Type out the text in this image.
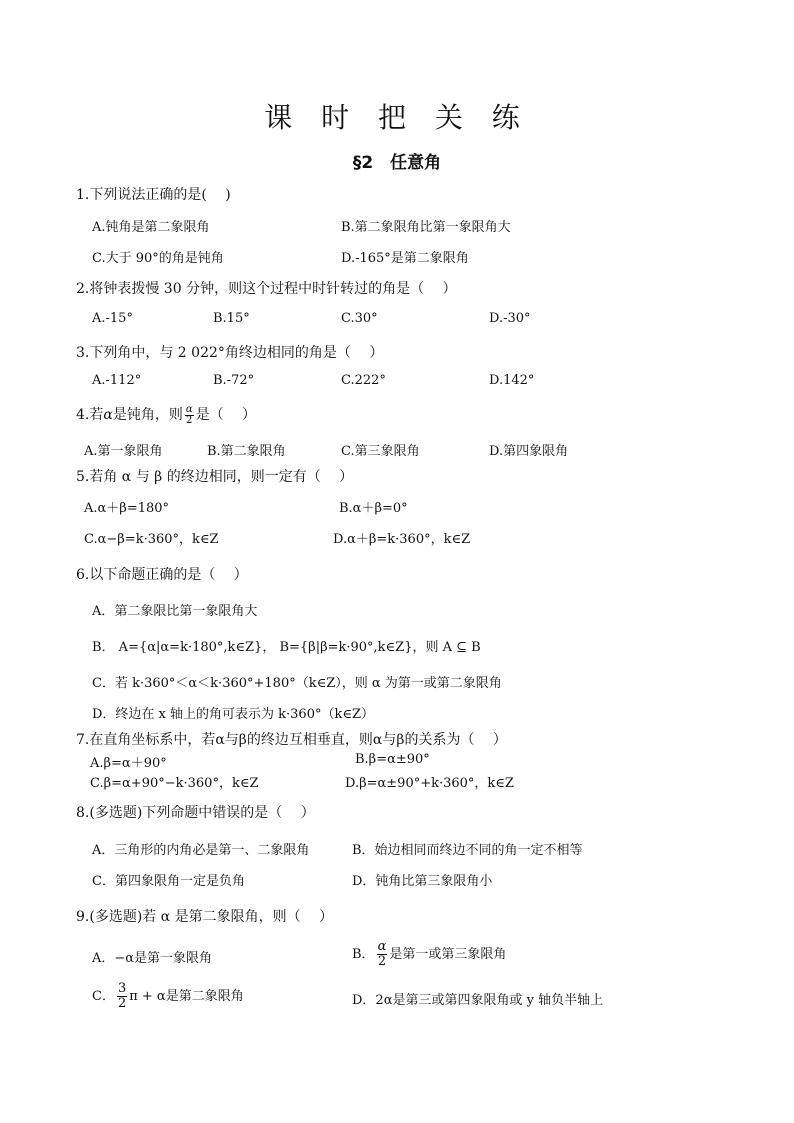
课 时 把 关 练
§2　任意角
1.下列说法正确的是(　 )
A.钝角是第二象限角	B.第二象限角比第一象限角大
C.大于 90°的角是钝角	D.-165°是第二象限角
2.将钟表拨慢 30 分钟，则这个过程中时针转过的角是（　 ）
A.-15°	B.15°	C.30°	D.-30°
3.下列角中，与 2 022°角终边相同的角是（　 ）
A.-112°	B.-72°	C.222°	D.142°
4.若α是钝角，则 $\frac{\alpha}{2}$ 是（　 ）
A.第一象限角	B.第二象限角	C.第三象限角	D.第四象限角
5.若角 α 与 β 的终边相同，则一定有（　 ）
A.α＋β=180°	B.α＋β=0°
C.α−β=k·360°，k∈Z	D.α＋β=k·360°，k∈Z
6.以下命题正确的是（　 ）
A．第二象限比第一象限角大
B． A={α|α=k·180°,k∈Z}， B={β|β=k·90°,k∈Z}，则 A ⊆ B
C．若 k·360°＜α＜k·360°+180°（k∈Z），则 α 为第一或第二象限角
D．终边在 x 轴上的角可表示为 k·360°（k∈Z）
7.在直角坐标系中，若α与β的终边互相垂直，则α与β的关系为（　 ）
A.β=α＋90°	B.β=α±90°
C.β=α+90°−k·360°，k∈Z	D.β=α±90°+k·360°，k∈Z
8.(多选题)下列命题中错误的是（　 ）
A．三角形的内角必是第一、二象限角	B．始边相同而终边不同的角一定不相等
C．第四象限角一定是负角	D．钝角比第三象限角小
9.(多选题)若 α 是第二象限角，则（　 ）
A．−α是第一象限角	B． $\frac{\alpha}{2}$ 是第一或第三象限角
C． $\frac{3}{2}$ π + α是第二象限角	D．2α是第三或第四象限角或 y 轴负半轴上
